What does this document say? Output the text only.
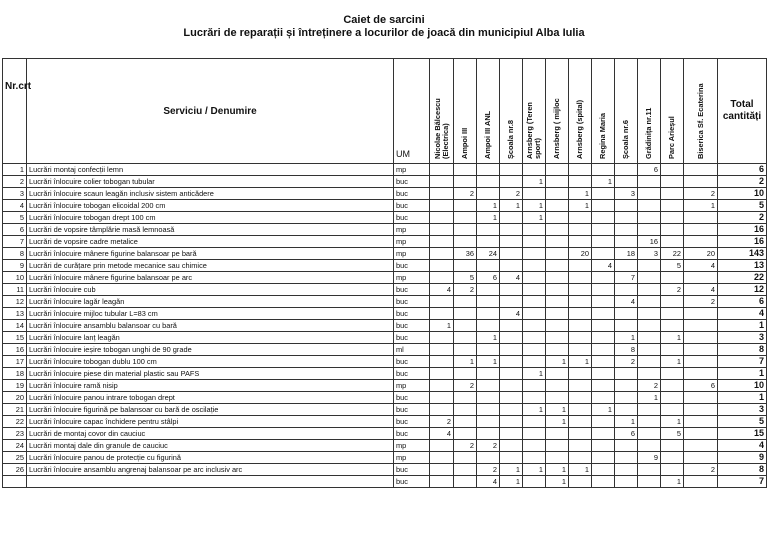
Caiet de sarcini
Lucrări de reparații și întreținere a locurilor de joacă din municipiul Alba Iulia
Nr.crt	Serviciu / Denumire	UM	Nicolae Bălcescu (Electrica)	Ampoi III	Ampoi III ANL	Școala nr.8	Arnsberg (Teren sport)	Arnsberg ( mijloc	Arnsberg (spital)	Regina Maria	Școala nr.6	Grădinița nr.11	Parc Arieșul	Biserica Sf. Ecaterina	Total cantități
1	Lucrări montaj confecții lemn	mp										6			6
2	Lucrări înlocuire colier tobogan tubular	buc					1			1					2
3	Lucrări înlocuire scaun leagăn inclusiv sistem anticădere	buc		2		2			1		3			2	10
4	Lucrări înlocuire tobogan elicoidal 200 cm	buc			1	1	1		1					1	5
5	Lucrări înlocuire tobogan drept 100 cm	buc			1		1								2
6	Lucrări de vopsire tâmplărie masă lemnoasă	mp													16
7	Lucrări de vopsire cadre metalice	mp										16			16
8	Lucrări înlocuire mânere figurine balansoar pe bară	mp		36	24				20		18	3	22	20	143
9	Lucrări de curățare prin metode mecanice sau chimice	buc								4			5	4	13
10	Lucrări înlocuire mânere figurine balansoar pe arc	mp		5	6	4					7				22
11	Lucrări înlocuire cub	buc	4	2									2	4	12
12	Lucrări înlocuire lagăr leagăn	buc									4			2	6
13	Lucrări înlocuire mijloc tubular L=83 cm	buc				4									4
14	Lucrări înlocuire ansamblu balansoar cu bară	buc	1												1
15	Lucrări înlocuire lanț leagăn	buc			1						1		1		3
16	Lucrări înlocuire ieșire tobogan unghi de 90 grade	ml									8				8
17	Lucrări înlocuire tobogan dublu 100 cm	buc		1	1			1	1		2		1		7
18	Lucrări înlocuire piese din material plastic sau PAFS	buc					1								1
19	Lucrări înlocuire ramă nisip	mp		2								2		6	10
20	Lucrări înlocuire panou intrare tobogan drept	buc										1			1
21	Lucrări înlocuire figurină pe balansoar cu bară de oscilație	buc					1	1		1					3
22	Lucrări înlocuire capac închidere pentru stâlpi	buc	2					1			1		1		5
23	Lucrări de montaj covor din cauciuc	buc	4								6		5		15
24	Lucrări montaj dale din granule de cauciuc	mp		2	2										4
25	Lucrări înlocuire panou de protecție cu figurină	mp										9			9
26	Lucrări înlocuire ansamblu angrenaj balansoar pe arc inclusiv arc	buc			2	1	1	1	1					2	8
		buc			4	1		1					1		7
